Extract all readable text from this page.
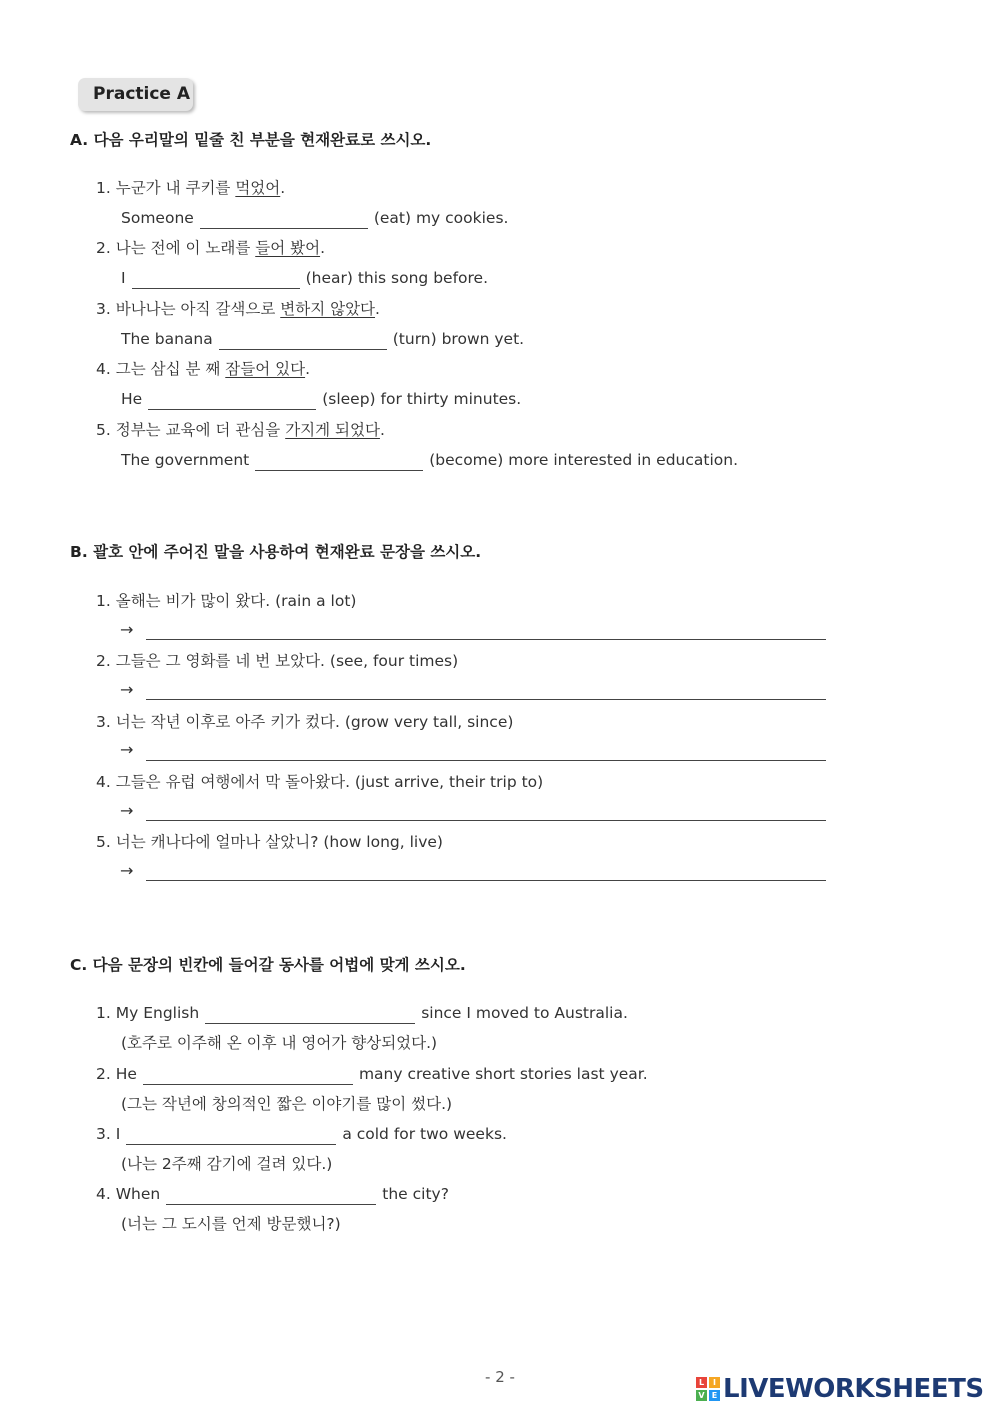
Practice A
A. 다음 우리말의 밑줄 친 부분을 현재완료로 쓰시오.
1. 누군가 내 쿠키를 먹었어.
Someone	(eat) my cookies.
2. 나는 전에 이 노래를 들어 봤어.
I	(hear) this song before.
3. 바나나는 아직 갈색으로 변하지 않았다.
The banana	(turn) brown yet.
4. 그는 삼십 분 째 잠들어 있다.
He	(sleep) for thirty minutes.
5. 정부는 교육에 더 관심을 가지게 되었다.
The government	(become) more interested in education.
B. 괄호 안에 주어진 말을 사용하여 현재완료 문장을 쓰시오.
1. 올해는 비가 많이 왔다. (rain a lot)
→
2. 그들은 그 영화를 네 번 보았다. (see, four times)
→
3. 너는 작년 이후로 아주 키가 컸다. (grow very tall, since)
→
4. 그들은 유럽 여행에서 막 돌아왔다. (just arrive, their trip to)
→
5. 너는 캐나다에 얼마나 살았니? (how long, live)
→
C. 다음 문장의 빈칸에 들어갈 동사를 어법에 맞게 쓰시오.
1. My English	since I moved to Australia.
(호주로 이주해 온 이후 내 영어가 향상되었다.)
2. He	many creative short stories last year.
(그는 작년에 창의적인 짧은 이야기를 많이 썼다.)
3. I	a cold for two weeks.
(나는 2주째 감기에 걸려 있다.)
4. When	the city?
(너는 그 도시를 언제 방문했니?)
- 2 -	L	I
V E LIVEWORKSHEETS
